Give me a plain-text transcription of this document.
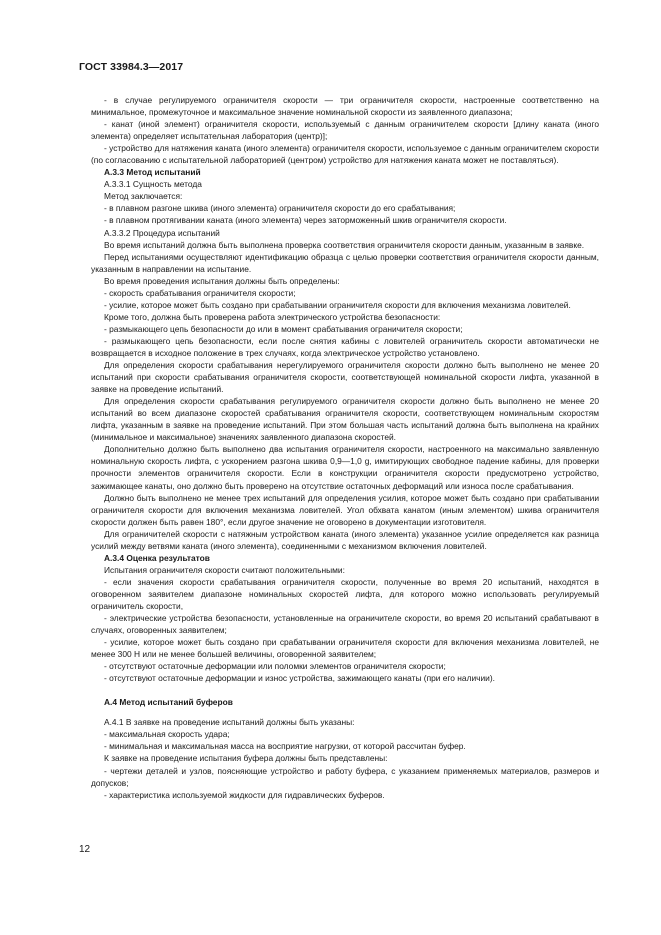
ГОСТ 33984.3—2017

- в случае регулируемого ограничителя скорости — три ограничителя скорости, настроенные соответственно на минимальное, промежуточное и максимальное значение номинальной скорости из заявленного диапазона;

- канат (иной элемент) ограничителя скорости, используемый с данным ограничителем скорости [длину каната (иного элемента) определяет испытательная лаборатория (центр)];

- устройство для натяжения каната (иного элемента) ограничителя скорости, используемое с данным ограничителем скорости (по согласованию с испытательной лабораторией (центром) устройство для натяжения каната может не поставляться).

А.3.3 Метод испытаний

А.3.3.1 Сущность метода

Метод заключается:

- в плавном разгоне шкива (иного элемента) ограничителя скорости до его срабатывания;

- в плавном протягивании каната (иного элемента) через заторможенный шкив ограничителя скорости.

А.3.3.2 Процедура испытаний

Во время испытаний должна быть выполнена проверка соответствия ограничителя скорости данным, указанным в заявке.

Перед испытаниями осуществляют идентификацию образца с целью проверки соответствия ограничителя скорости данным, указанным в направлении на испытание.

Во время проведения испытания должны быть определены:

- скорость срабатывания ограничителя скорости;

- усилие, которое может быть создано при срабатывании ограничителя скорости для включения механизма ловителей.

Кроме того, должна быть проверена работа электрического устройства безопасности:

- размыкающего цепь безопасности до или в момент срабатывания ограничителя скорости;

- размыкающего цепь безопасности, если после снятия кабины с ловителей ограничитель скорости автоматически не возвращается в исходное положение в трех случаях, когда электрическое устройство установлено.

Для определения скорости срабатывания нерегулируемого ограничителя скорости должно быть выполнено не менее 20 испытаний при скорости срабатывания ограничителя скорости, соответствующей номинальной скорости лифта, указанной в заявке на проведение испытаний.

Для определения скорости срабатывания регулируемого ограничителя скорости должно быть выполнено не менее 20 испытаний во всем диапазоне скоростей срабатывания ограничителя скорости, соответствующем номинальным скоростям лифта, указанным в заявке на проведение испытаний. При этом большая часть испытаний должна быть выполнена на крайних (минимальное и максимальное) значениях заявленного диапазона скоростей.

Дополнительно должно быть выполнено два испытания ограничителя скорости, настроенного на максимально заявленную номинальную скорость лифта, с ускорением разгона шкива 0,9—1,0 g, имитирующих свободное падение кабины, для проверки прочности элементов ограничителя скорости. Если в конструкции ограничителя скорости предусмотрено устройство, зажимающее канаты, оно должно быть проверено на отсутствие остаточных деформаций или износа после срабатывания.

Должно быть выполнено не менее трех испытаний для определения усилия, которое может быть создано при срабатывании ограничителя скорости для включения механизма ловителей. Угол обхвата канатом (иным элементом) шкива ограничителя скорости должен быть равен 180°, если другое значение не оговорено в документации изготовителя.

Для ограничителей скорости с натяжным устройством каната (иного элемента) указанное усилие определяется как разница усилий между ветвями каната (иного элемента), соединенными с механизмом включения ловителей.

А.3.4 Оценка результатов

Испытания ограничителя скорости считают положительными:

- если значения скорости срабатывания ограничителя скорости, полученные во время 20 испытаний, находятся в оговоренном заявителем диапазоне номинальных скоростей лифта, для которого можно использовать регулируемый ограничитель скорости,

- электрические устройства безопасности, установленные на ограничителе скорости, во время 20 испытаний срабатывают в случаях, оговоренных заявителем;

- усилие, которое может быть создано при срабатывании ограничителя скорости для включения механизма ловителей, не менее 300 Н или не менее большей величины, оговоренной заявителем;

- отсутствуют остаточные деформации или поломки элементов ограничителя скорости;

- отсутствуют остаточные деформации и износ устройства, зажимающего канаты (при его наличии).

А.4 Метод испытаний буферов

А.4.1 В заявке на проведение испытаний должны быть указаны:

- максимальная скорость удара;

- минимальная и максимальная масса на восприятие нагрузки, от которой рассчитан буфер.

К заявке на проведение испытания буфера должны быть представлены:

- чертежи деталей и узлов, поясняющие устройство и работу буфера, с указанием применяемых материалов, размеров и допусков;

- характеристика используемой жидкости для гидравлических буферов.

12
